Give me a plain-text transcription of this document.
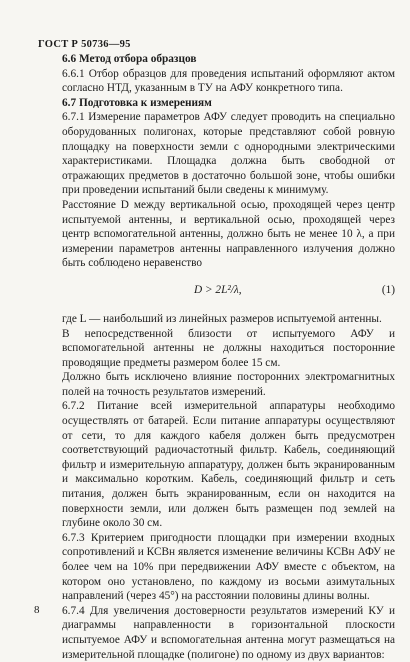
ГОСТ Р 50736—95

6.6 Метод отбора образцов

6.6.1 Отбор образцов для проведения испытаний оформляют актом согласно НТД, указанным в ТУ на АФУ конкретного типа.

6.7 Подготовка к измерениям

6.7.1 Измерение параметров АФУ следует проводить на специально оборудованных полигонах, которые представляют собой ровную площадку на поверхности земли с однородными электрическими характеристиками. Площадка должна быть свободной от отражающих предметов в достаточно большой зоне, чтобы ошибки при проведении испытаний были сведены к минимуму.

Расстояние D между вертикальной осью, проходящей через центр испытуемой антенны, и вертикальной осью, проходящей через центр вспомогательной антенны, должно быть не менее 10 λ, а при измерении параметров антенны направленного излучения должно быть соблюдено неравенство

D > 2L²/λ,	(1)

где L — наибольший из линейных размеров испытуемой антенны.

В непосредственной близости от испытуемого АФУ и вспомогательной антенны не должны находиться посторонние проводящие предметы размером более 15 см.

Должно быть исключено влияние посторонних электромагнитных полей на точность результатов измерений.

6.7.2 Питание всей измерительной аппаратуры необходимо осуществлять от батарей. Если питание аппаратуры осуществляют от сети, то для каждого кабеля должен быть предусмотрен соответствующий радиочастотный фильтр. Кабель, соединяющий фильтр и измерительную аппаратуру, должен быть экранированным и максимально коротким. Кабель, соединяющий фильтр и сеть питания, должен быть экранированным, если он находится на поверхности земли, или должен быть размещен под землей на глубине около 30 см.

6.7.3 Критерием пригодности площадки при измерении входных сопротивлений и КСВн является изменение величины КСВн АФУ не более чем на 10% при передвижении АФУ вместе с объектом, на котором оно установлено, по каждому из восьми азимутальных направлений (через 45°) на расстоянии половины длины волны.

6.7.4 Для увеличения достоверности результатов измерений КУ и диаграммы направленности в горизонтальной плоскости испытуемое АФУ и вспомогательная антенна могут размещаться на измерительной площадке (полигоне) по одному из двух вариантов:

8
